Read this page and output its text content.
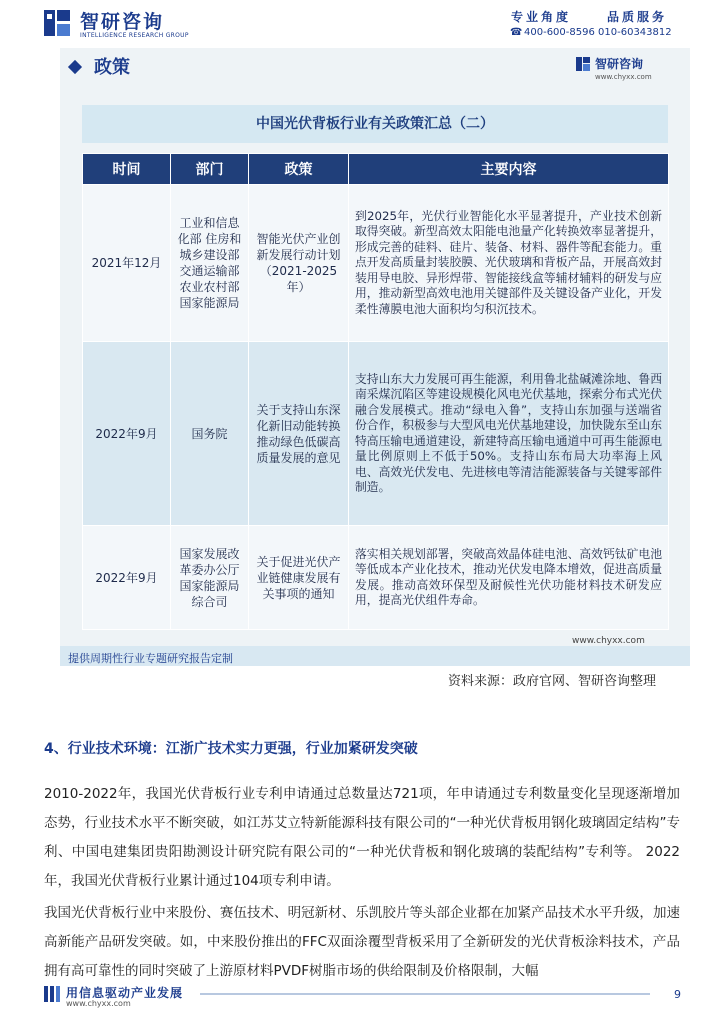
智研咨询
INTELLIGENCE RESEARCH GROUP
专业角度	品质服务
☎ 400-600-8596 010-60343812
政策	智研咨询
www.chyxx.com
中国光伏背板行业有关政策汇总（二）
时间	部门	政策	主要内容
2021年12月	工业和信息化部 住房和城乡建设部 交通运输部 农业农村部 国家能源局	智能光伏产业创新发展行动计划（2021-2025年）	到2025年，光伏行业智能化水平显著提升，产业技术创新取得突破。新型高效太阳能电池量产化转换效率显著提升，形成完善的硅料、硅片、装备、材料、器件等配套能力。重点开发高质量封装胶膜、光伏玻璃和背板产品，开展高效封装用导电胶、异形焊带、智能接线盒等辅材辅料的研发与应用，推动新型高效电池用关键部件及关键设备产业化，开发柔性薄膜电池大面积均匀积沉技术。
2022年9月	国务院	关于支持山东深化新旧动能转换推动绿色低碳高质量发展的意见	支持山东大力发展可再生能源，利用鲁北盐碱滩涂地、鲁西南采煤沉陷区等建设规模化风电光伏基地，探索分布式光伏融合发展模式。推动“绿电入鲁”，支持山东加强与送端省份合作，积极参与大型风电光伏基地建设，加快陇东至山东特高压输电通道建设，新建特高压输电通道中可再生能源电量比例原则上不低于50%。支持山东布局大功率海上风电、高效光伏发电、先进核电等清洁能源装备与关键零部件制造。
2022年9月	国家发展改革委办公厅 国家能源局综合司	关于促进光伏产业链健康发展有关事项的通知	落实相关规划部署，突破高效晶体硅电池、高效钙钛矿电池等低成本产业化技术，推动光伏发电降本增效，促进高质量发展。推动高效环保型及耐候性光伏功能材料技术研发应用，提高光伏组件寿命。
www.chyxx.com
提供周期性行业专题研究报告定制
资料来源：政府官网、智研咨询整理
4、行业技术环境：江浙广技术实力更强，行业加紧研发突破
2010-2022年，我国光伏背板行业专利申请通过总数量达721项，年申请通过专利数量变化呈现逐渐增加态势，行业技术水平不断突破，如江苏艾立特新能源科技有限公司的“一种光伏背板用钢化玻璃固定结构”专利、中国电建集团贵阳勘测设计研究院有限公司的“一种光伏背板和钢化玻璃的装配结构”专利等。 2022 年，我国光伏背板行业累计通过104项专利申请。
我国光伏背板行业中来股份、赛伍技术、明冠新材、乐凯胶片等头部企业都在加紧产品技术水平升级，加速高新能产品研发突破。如，中来股份推出的FFC双面涂覆型背板采用了全新研发的光伏背板涂料技术，产品拥有高可靠性的同时突破了上游原材料PVDF树脂市场的供给限制及价格限制，大幅
用信息驱动产业发展
www.chyxx.com
9
